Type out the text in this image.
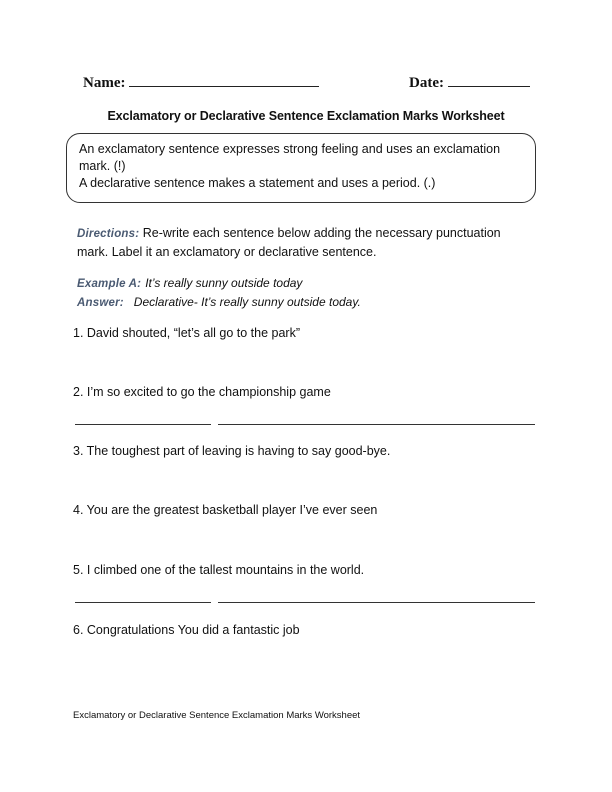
Name:	Date:
Exclamatory or Declarative Sentence Exclamation Marks Worksheet
An exclamatory sentence expresses strong feeling and uses an exclamation
mark. (!)
A declarative sentence makes a statement and uses a period. (.)
Directions: Re-write each sentence below adding the necessary punctuation
mark. Label it an exclamatory or declarative sentence.
Example A: It’s really sunny outside today
Answer: Declarative- It’s really sunny outside today.
1. David shouted, “let’s all go to the park”
2. I’m so excited to go the championship game
3. The toughest part of leaving is having to say good-bye.
4. You are the greatest basketball player I’ve ever seen
5. I climbed one of the tallest mountains in the world.
6. Congratulations You did a fantastic job
Exclamatory or Declarative Sentence Exclamation Marks Worksheet
